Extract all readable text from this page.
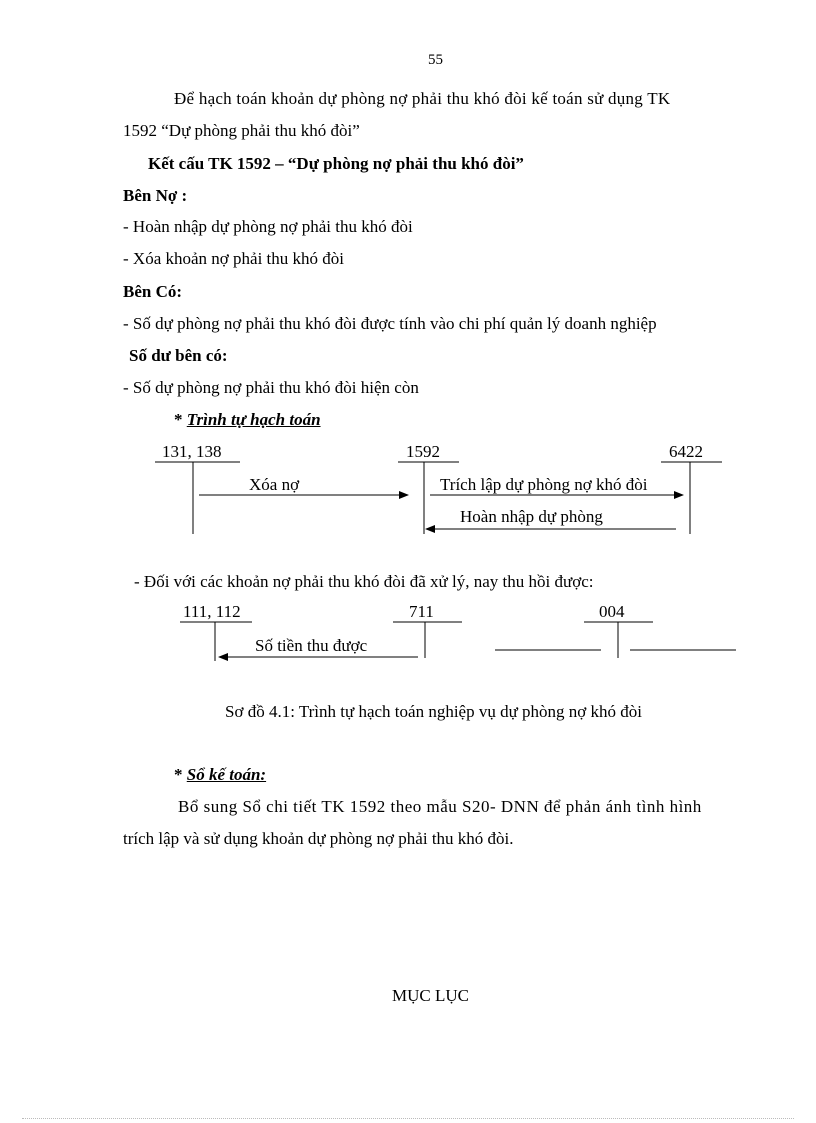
55
Để hạch toán khoản dự phòng nợ phải thu khó đòi kế toán sử dụng TK
1592 “Dự phòng phải thu khó đòi”
Kết cấu TK 1592 – “Dự phòng nợ phải thu khó đòi”
Bên Nợ :
- Hoàn nhập dự phòng nợ phải thu khó đòi
- Xóa khoản nợ phải thu khó đòi
Bên Có:
- Số dự phòng nợ phải thu khó đòi được tính vào chi phí quản lý doanh nghiệp
Số dư bên có:
- Số dự phòng nợ phải thu khó đòi hiện còn
* Trình tự hạch toán
131, 138	1592	6422
Xóa nợ	Trích lập dự phòng nợ khó đòi
Hoàn nhập dự phòng
111, 112	711	004
Số tiền thu được
- Đối với các khoản nợ phải thu khó đòi đã xử lý, nay thu hồi được:
Sơ đồ 4.1: Trình tự hạch toán nghiệp vụ dự phòng nợ khó đòi
* Sổ kế toán:
Bổ sung Sổ chi tiết TK 1592 theo mẫu S20- DNN để phản ánh tình hình
trích lập và sử dụng khoản dự phòng nợ phải thu khó đòi.
MỤC LỤC
